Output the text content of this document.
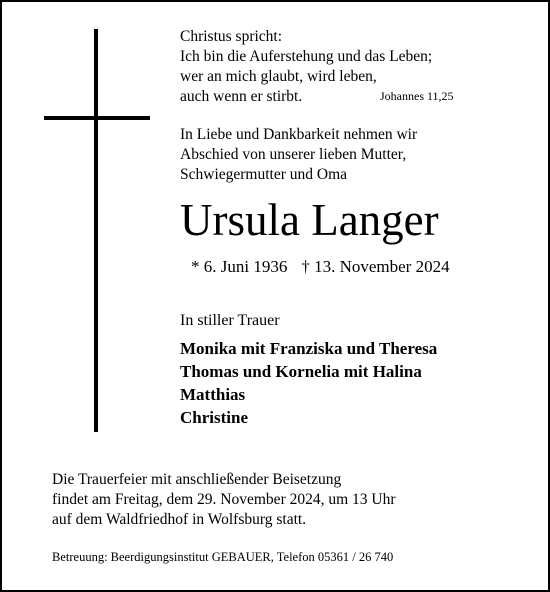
Christus spricht:
Ich bin die Auferstehung und das Leben;
wer an mich glaubt, wird leben,
auch wenn er stirbt.	Johannes 11,25
In Liebe und Dankbarkeit nehmen wir
Abschied von unserer lieben Mutter,
Schwiegermutter und Oma
Ursula Langer
* 6. Juni 1936 † 13. November 2024
In stiller Trauer
Monika mit Franziska und Theresa
Thomas und Kornelia mit Halina
Matthias
Christine
Die Trauerfeier mit anschließender Beisetzung
findet am Freitag, dem 29. November 2024, um 13 Uhr
auf dem Waldfriedhof in Wolfsburg statt.
Betreuung: Beerdigungsinstitut GEBAUER, Telefon 05361 / 26 740
